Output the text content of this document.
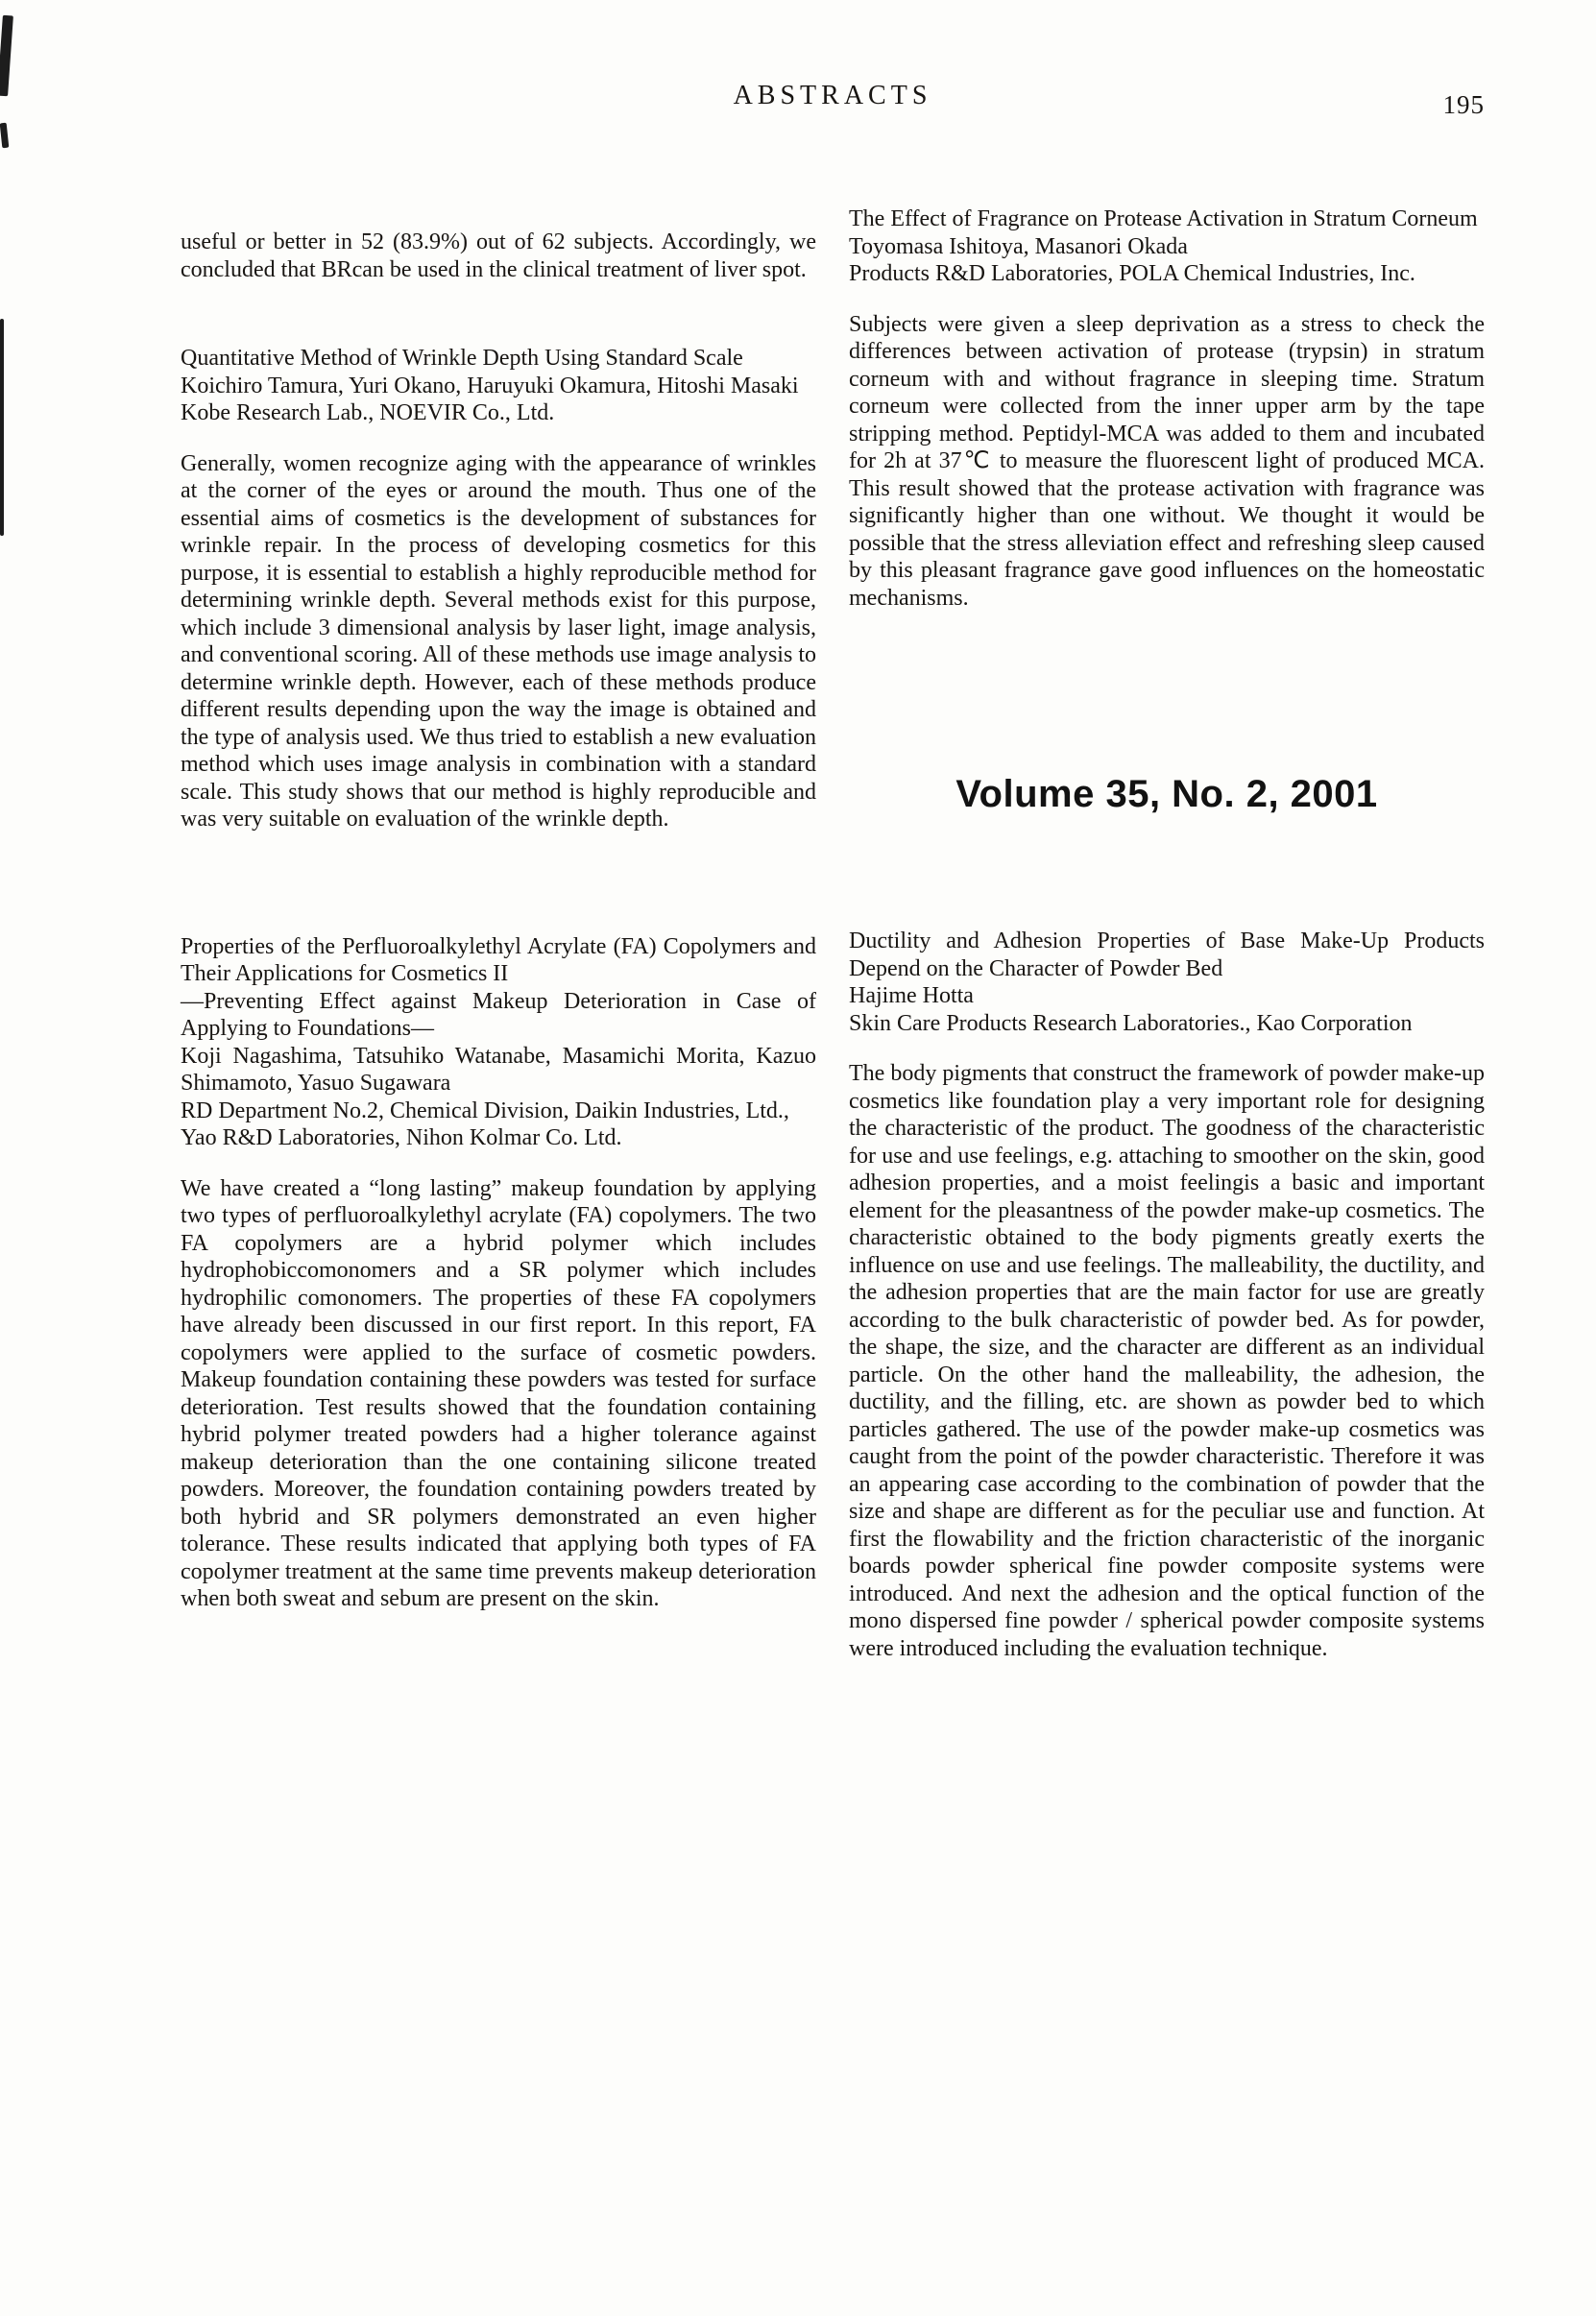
ABSTRACTS	195

useful or better in 52 (83.9%) out of 62 subjects. Accordingly, we concluded that BRcan be used in the clinical treatment of liver spot.

Quantitative Method of Wrinkle Depth Using Standard Scale
Koichiro Tamura, Yuri Okano, Haruyuki Okamura, Hitoshi Masaki
Kobe Research Lab., NOEVIR Co., Ltd.

Generally, women recognize aging with the appearance of wrinkles at the corner of the eyes or around the mouth. Thus one of the essential aims of cosmetics is the development of substances for wrinkle repair. In the process of developing cosmetics for this purpose, it is essential to establish a highly reproducible method for determining wrinkle depth. Several methods exist for this purpose, which include 3 dimensional analysis by laser light, image analysis, and conventional scoring. All of these methods use image analysis to determine wrinkle depth. However, each of these methods produce different results depending upon the way the image is obtained and the type of analysis used. We thus tried to establish a new evaluation method which uses image analysis in combination with a standard scale. This study shows that our method is highly reproducible and was very suitable on evaluation of the wrinkle depth.

Properties of the Perfluoroalkylethyl Acrylate (FA) Copolymers and Their Applications for Cosmetics II
—Preventing Effect against Makeup Deterioration in Case of Applying to Foundations—
Koji Nagashima, Tatsuhiko Watanabe, Masamichi Morita, Kazuo Shimamoto, Yasuo Sugawara
RD Department No.2, Chemical Division, Daikin Industries, Ltd.,
Yao R&D Laboratories, Nihon Kolmar Co. Ltd.

We have created a “long lasting” makeup foundation by applying two types of perfluoroalkylethyl acrylate (FA) copolymers. The two FA copolymers are a hybrid polymer which includes hydrophobiccomonomers and a SR polymer which includes hydrophilic comonomers. The properties of these FA copolymers have already been discussed in our first report. In this report, FA copolymers were applied to the surface of cosmetic powders. Makeup foundation containing these powders was tested for surface deterioration. Test results showed that the foundation containing hybrid polymer treated powders had a higher tolerance against makeup deterioration than the one containing silicone treated powders. Moreover, the foundation containing powders treated by both hybrid and SR polymers demonstrated an even higher tolerance. These results indicated that applying both types of FA copolymer treatment at the same time prevents makeup deterioration when both sweat and sebum are present on the skin.

The Effect of Fragrance on Protease Activation in Stratum Corneum
Toyomasa Ishitoya, Masanori Okada
Products R&D Laboratories, POLA Chemical Industries, Inc.

Subjects were given a sleep deprivation as a stress to check the differences between activation of protease (trypsin) in stratum corneum with and without fragrance in sleeping time. Stratum corneum were collected from the inner upper arm by the tape stripping method. Peptidyl-MCA was added to them and incubated for 2h at 37℃ to measure the fluorescent light of produced MCA. This result showed that the protease activation with fragrance was significantly higher than one without. We thought it would be possible that the stress alleviation effect and refreshing sleep caused by this pleasant fragrance gave good influences on the homeostatic mechanisms.

Volume 35, No. 2, 2001
Ductility and Adhesion Properties of Base Make-Up Products Depend on the Character of Powder Bed
Hajime Hotta
Skin Care Products Research Laboratories., Kao Corporation

The body pigments that construct the framework of powder make-up cosmetics like foundation play a very important role for designing the characteristic of the product. The goodness of the characteristic for use and use feelings, e.g. attaching to smoother on the skin, good adhesion properties, and a moist feelingis a basic and important element for the pleasantness of the powder make-up cosmetics. The characteristic obtained to the body pigments greatly exerts the influence on use and use feelings. The malleability, the ductility, and the adhesion properties that are the main factor for use are greatly according to the bulk characteristic of powder bed. As for powder, the shape, the size, and the character are different as an individual particle. On the other hand the malleability, the adhesion, the ductility, and the filling, etc. are shown as powder bed to which particles gathered. The use of the powder make-up cosmetics was caught from the point of the powder characteristic. Therefore it was an appearing case according to the combination of powder that the size and shape are different as for the peculiar use and function. At first the flowability and the friction characteristic of the inorganic boards powder spherical fine powder composite systems were introduced. And next the adhesion and the optical function of the mono dispersed fine powder / spherical powder composite systems were introduced including the evaluation technique.
